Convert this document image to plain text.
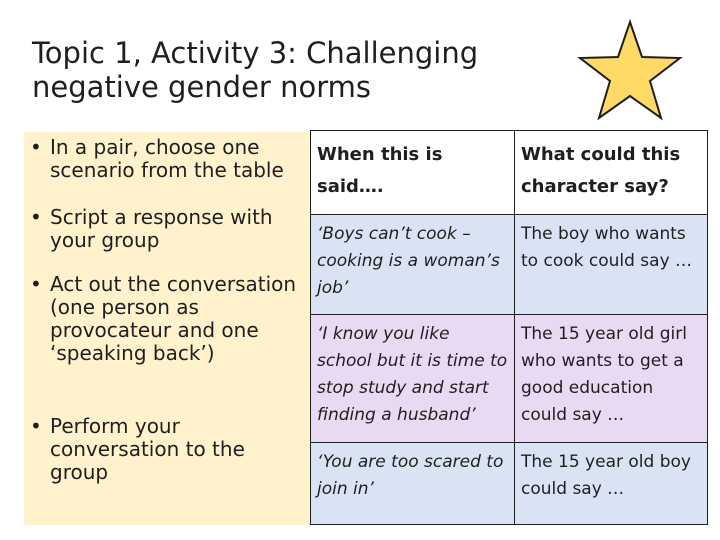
Topic 1, Activity 3: Challenging negative gender norms
• In a pair, choose one scenario from the table
• Script a response with your group
• Act out the conversation (one person as provocateur and one ‘speaking back’)
• Perform your conversation to the group
When this is said….	What could this character say?
‘Boys can’t cook – cooking is a woman’s job’	The boy who wants to cook could say …
‘I know you like school but it is time to stop study and start finding a husband’	The 15 year old girl who wants to get a good education could say …
‘You are too scared to join in’	The 15 year old boy could say …
